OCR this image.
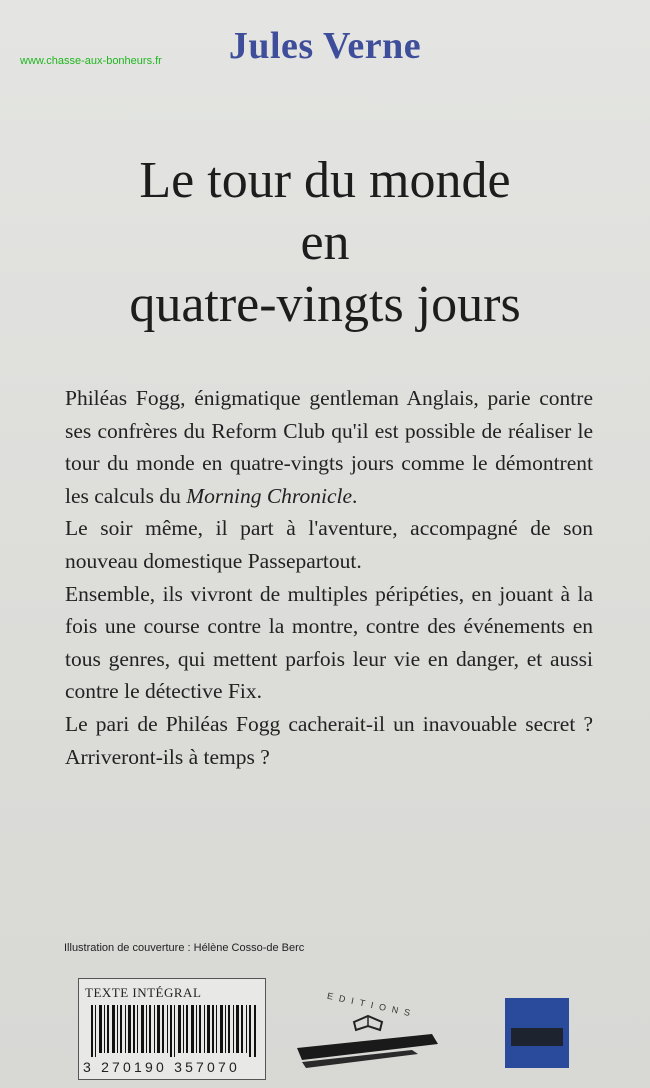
Jules Verne
www.chasse-aux-bonheurs.fr
Le tour du monde
en
quatre-vingts jours

Philéas Fogg, énigmatique gentleman Anglais, parie contre ses confrères du Reform Club qu'il est possible de réaliser le tour du monde en quatre-vingts jours comme le démontrent les calculs du Morning Chronicle.

Le soir même, il part à l'aventure, accompagné de son nouveau domestique Passepartout.

Ensemble, ils vivront de multiples péripéties, en jouant à la fois une course contre la montre, contre des événements en tous genres, qui mettent parfois leur vie en danger, et aussi contre le détective Fix.

Le pari de Philéas Fogg cacherait-il un inavouable secret ? Arriveront-ils à temps ?

Illustration de couverture : Hélène Cosso-de Berc
TEXTE INTÉGRAL
3 270190 357070
EDITIONS
